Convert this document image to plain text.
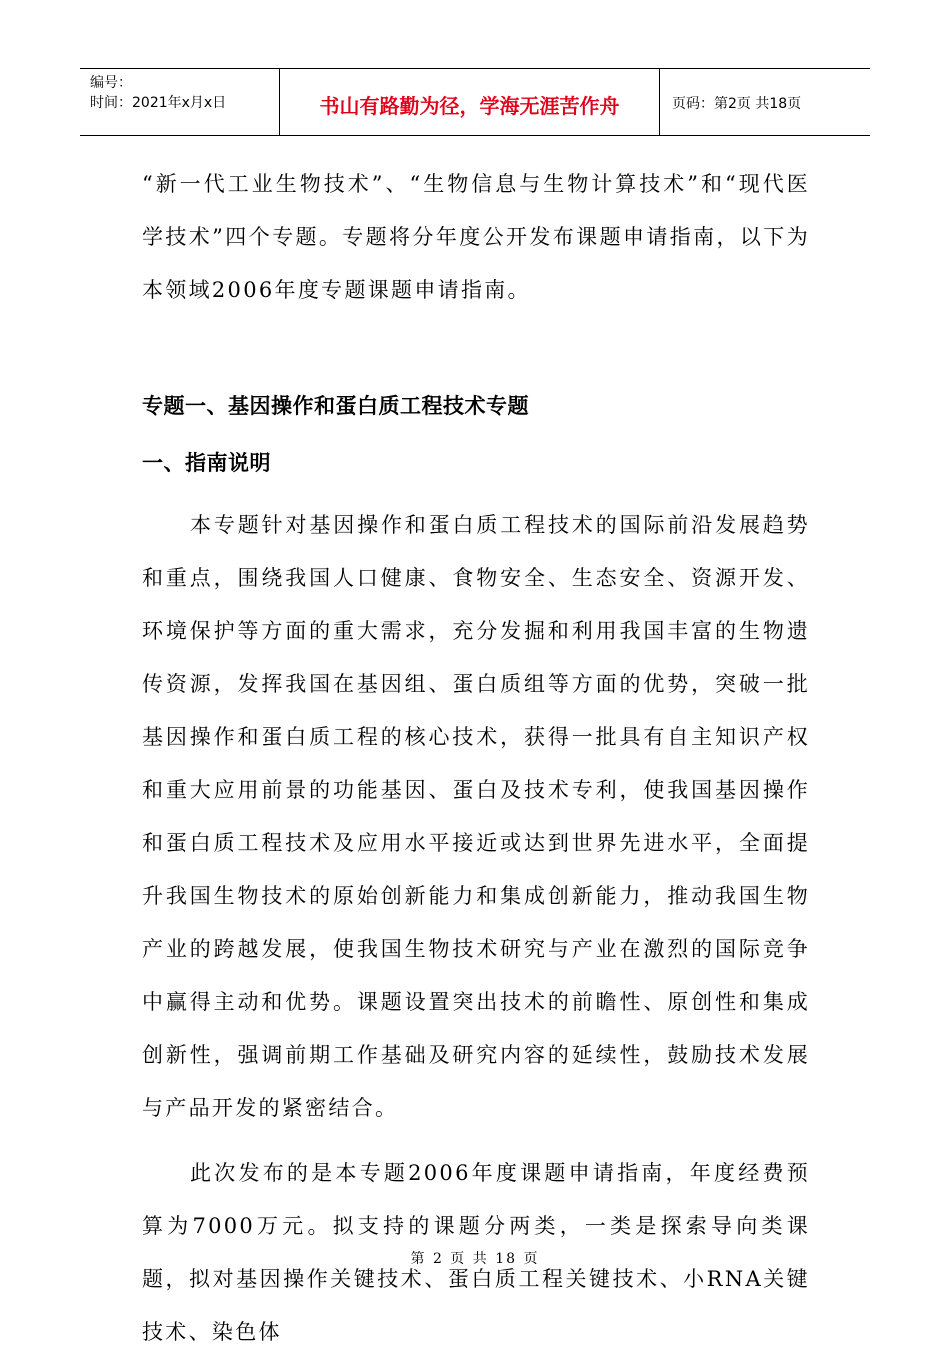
编号：
时间：2021年x月x日	书山有路勤为径，学海无涯苦作舟	页码：第2页 共18页

“新一代工业生物技术”、“生物信息与生物计算技术”和“现代医学技术”四个专题。专题将分年度公开发布课题申请指南，以下为本领域2006年度专题课题申请指南。

专题一、基因操作和蛋白质工程技术专题
一、指南说明

本专题针对基因操作和蛋白质工程技术的国际前沿发展趋势和重点，围绕我国人口健康、食物安全、生态安全、资源开发、环境保护等方面的重大需求，充分发掘和利用我国丰富的生物遗传资源，发挥我国在基因组、蛋白质组等方面的优势，突破一批基因操作和蛋白质工程的核心技术，获得一批具有自主知识产权和重大应用前景的功能基因、蛋白及技术专利，使我国基因操作和蛋白质工程技术及应用水平接近或达到世界先进水平，全面提升我国生物技术的原始创新能力和集成创新能力，推动我国生物产业的跨越发展，使我国生物技术研究与产业在激烈的国际竞争中赢得主动和优势。课题设置突出技术的前瞻性、原创性和集成创新性，强调前期工作基础及研究内容的延续性，鼓励技术发展与产品开发的紧密结合。

此次发布的是本专题2006年度课题申请指南，年度经费预算为7000万元。拟支持的课题分两类，一类是探索导向类课题，拟对基因操作关键技术、蛋白质工程关键技术、小RNA关键技术、染色体

第 2 页 共 18 页
